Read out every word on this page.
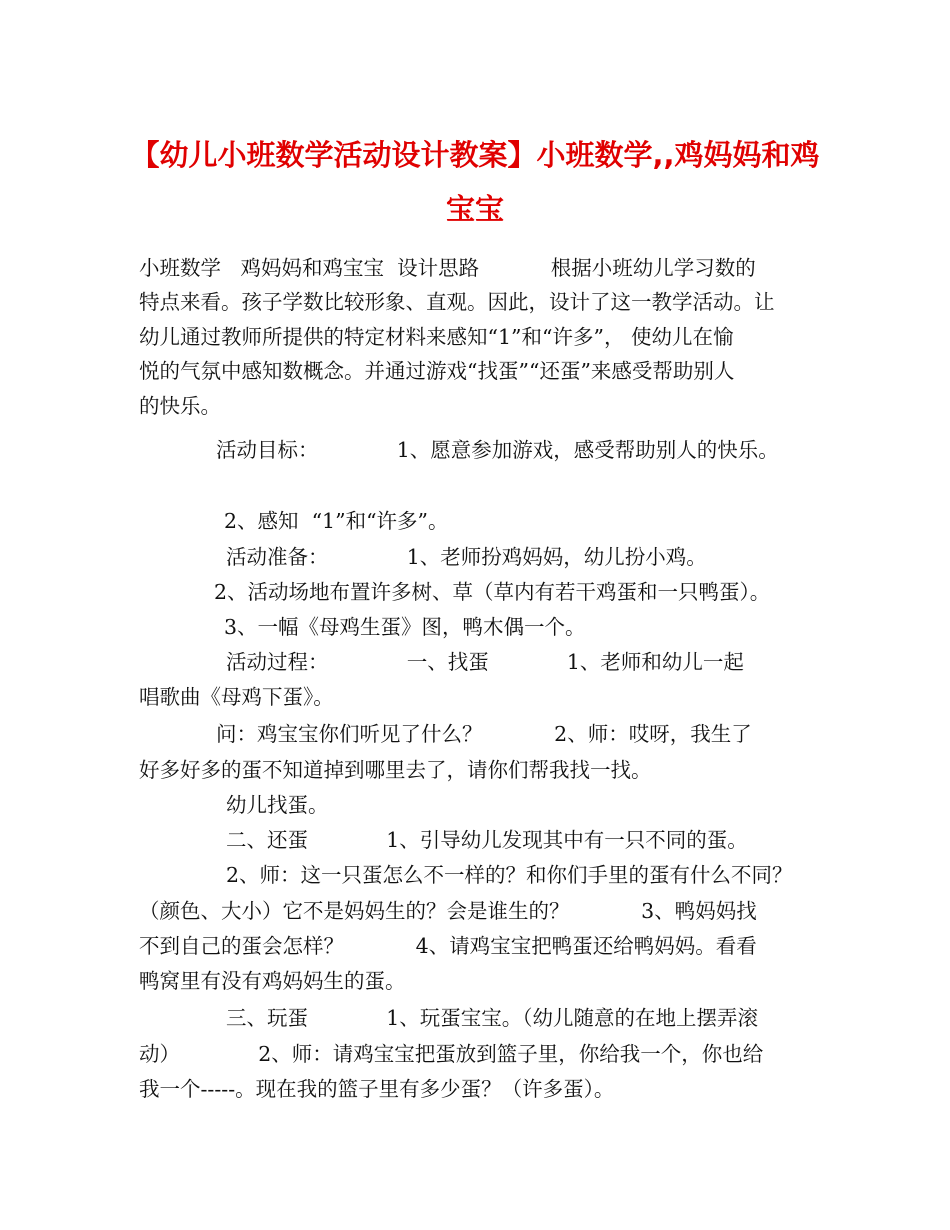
【幼儿小班数学活动设计教案】小班数学,,鸡妈妈和鸡
宝宝
小班数学   鸡妈妈和鸡宝宝  设计思路           根据小班幼儿学习数的
特点来看。孩子学数比较形象、直观。因此，设计了这一教学活动。让
幼儿通过教师所提供的特定材料来感知“1”和“许多”， 使幼儿在愉
悦的气氛中感知数概念。并通过游戏“找蛋”“还蛋”来感受帮助别人
的快乐。
活动目标：            1、愿意参加游戏，感受帮助别人的快乐。
2、感知  “1”和“许多”。
活动准备：            1、老师扮鸡妈妈，幼儿扮小鸡。
2、活动场地布置许多树、草（草内有若干鸡蛋和一只鸭蛋）。
3、一幅《母鸡生蛋》图，鸭木偶一个。
活动过程：            一、找蛋            1、老师和幼儿一起
唱歌曲《母鸡下蛋》。
问：鸡宝宝你们听见了什么？           2、师：哎呀，我生了
好多好多的蛋不知道掉到哪里去了，请你们帮我找一找。
幼儿找蛋。
二、还蛋            1、引导幼儿发现其中有一只不同的蛋。
2、师：这一只蛋怎么不一样的？和你们手里的蛋有什么不同？
（颜色、大小）它不是妈妈生的？会是谁生的？           3、鸭妈妈找
不到自己的蛋会怎样？           4、请鸡宝宝把鸭蛋还给鸭妈妈。看看
鸭窝里有没有鸡妈妈生的蛋。
三、玩蛋            1、玩蛋宝宝。（幼儿随意的在地上摆弄滚
动）            2、师：请鸡宝宝把蛋放到篮子里，你给我一个，你也给
我一个-----。现在我的篮子里有多少蛋？（许多蛋）。
